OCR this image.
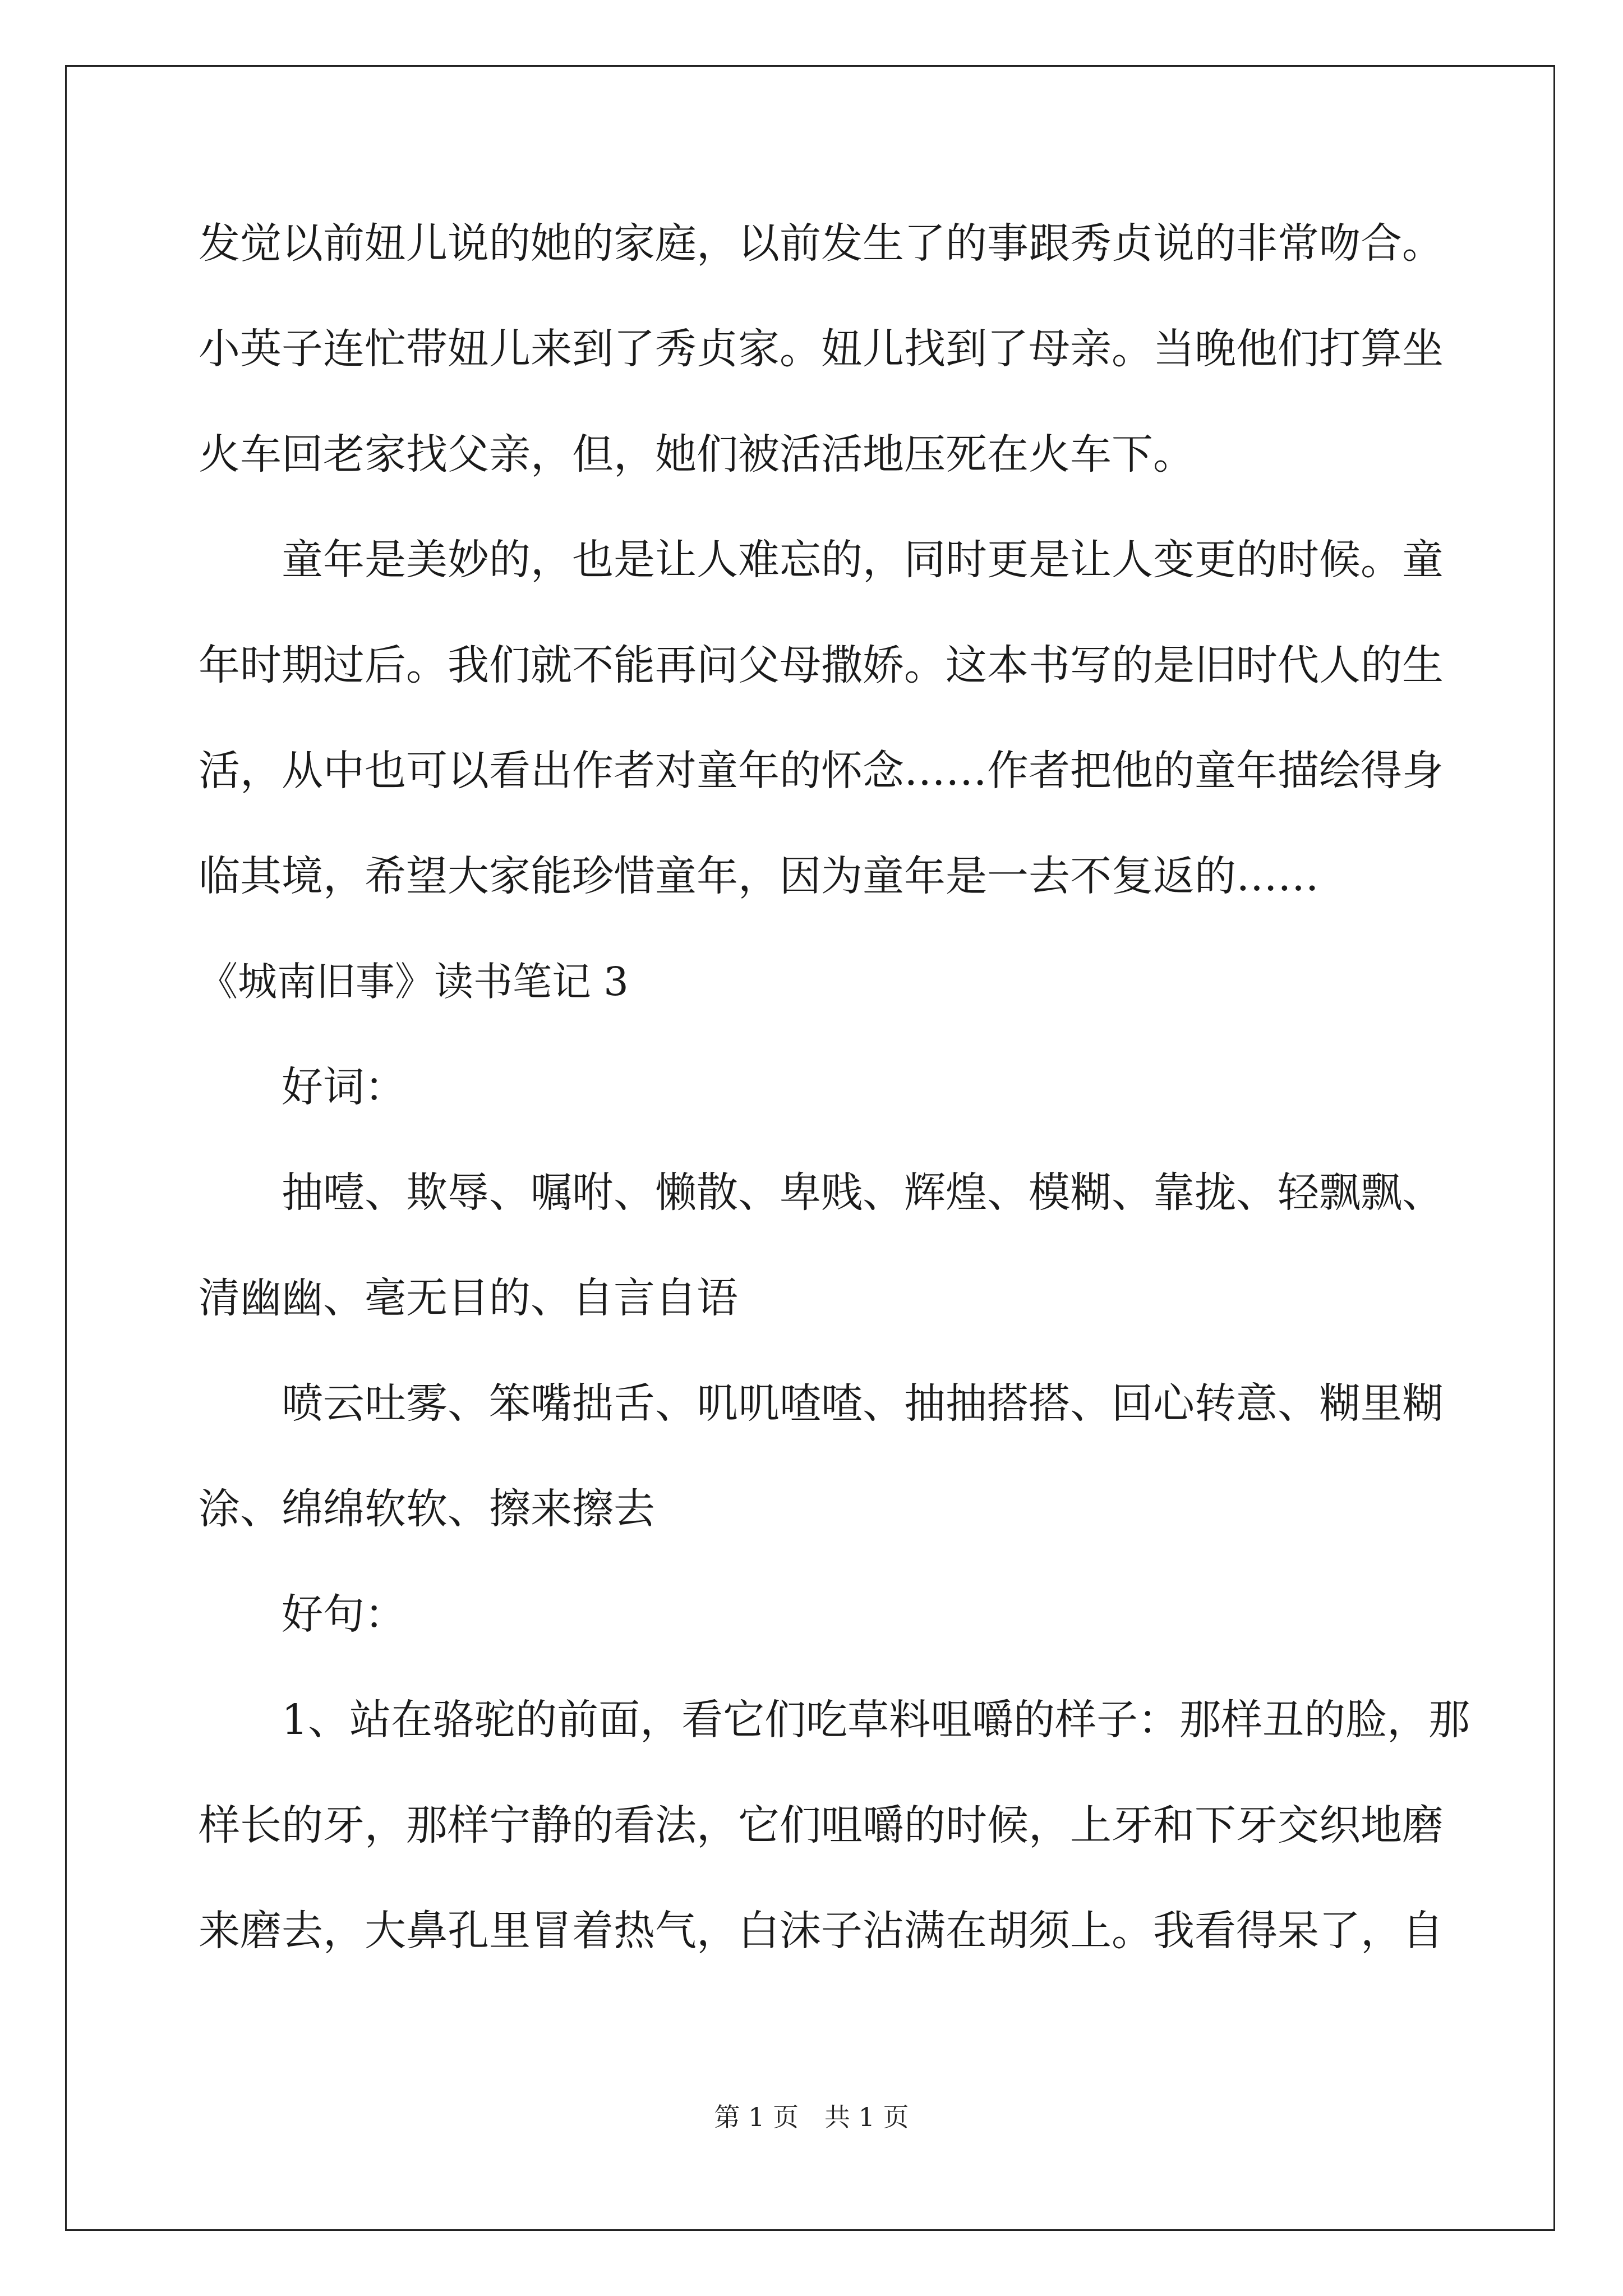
发觉以前妞儿说的她的家庭，以前发生了的事跟秀贞说的非常吻合。
小英子连忙带妞儿来到了秀贞家。妞儿找到了母亲。当晚他们打算坐
火车回老家找父亲，但，她们被活活地压死在火车下。
童年是美妙的，也是让人难忘的，同时更是让人变更的时候。童
年时期过后。我们就不能再问父母撒娇。这本书写的是旧时代人的生
活，从中也可以看出作者对童年的怀念……作者把他的童年描绘得身
临其境，希望大家能珍惜童年，因为童年是一去不复返的……
《城南旧事》读书笔记 3
好词：
抽噎、欺辱、嘱咐、懒散、卑贱、辉煌、模糊、靠拢、轻飘飘、
清幽幽、毫无目的、自言自语
喷云吐雾、笨嘴拙舌、叽叽喳喳、抽抽搭搭、回心转意、糊里糊
涂、绵绵软软、擦来擦去
好句：
1、站在骆驼的前面，看它们吃草料咀嚼的样子：那样丑的脸，那
样长的牙，那样宁静的看法，它们咀嚼的时候，上牙和下牙交织地磨
来磨去，大鼻孔里冒着热气，白沫子沾满在胡须上。我看得呆了，自
第 1 页　共 1 页
